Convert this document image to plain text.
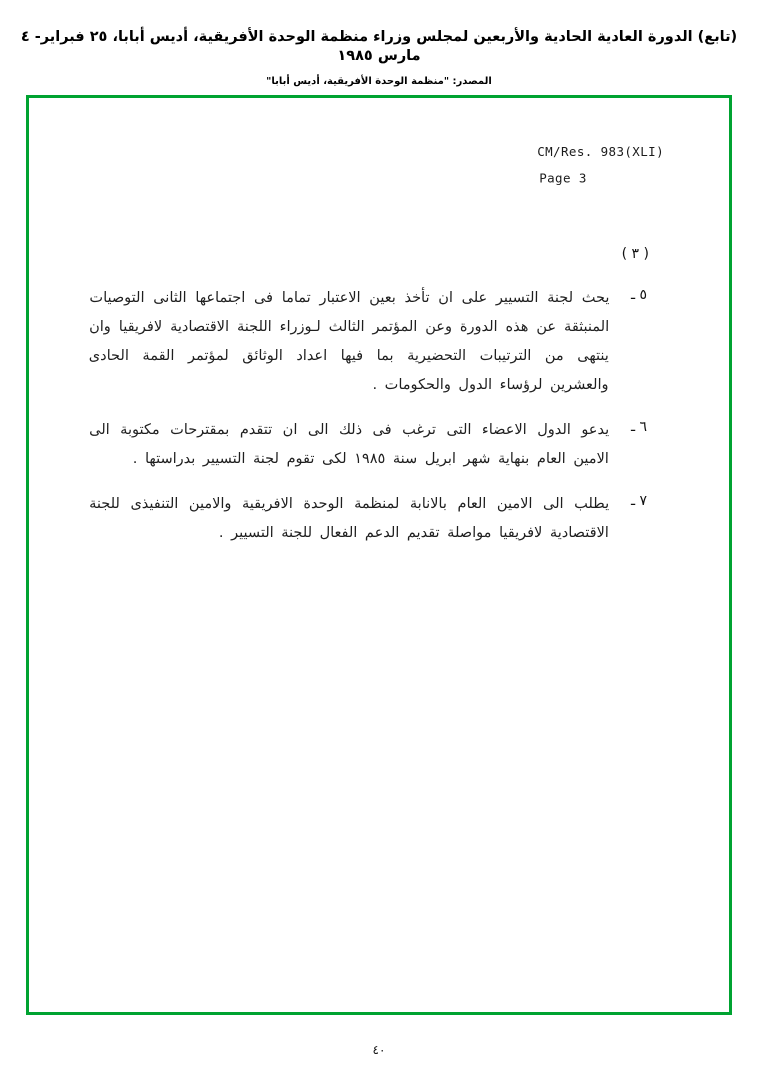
(تابع) الدورة العادية الحادية والأربعين لمجلس وزراء منظمة الوحدة الأفريقية، أديس أبابا، ٢٥ فبراير- ٤ مارس ١٩٨٥
المصدر: "منظمة الوحدة الأفريقية، أديس أبابا"
CM/Res. 983(XLI)
Page 3
( ٣ )
٥ ـ
يحث لجنة التسيير على ان تأخذ بعين الاعتبار تماما فى اجتماعها الثانى التوصيات المنبثقة عن هذه الدورة وعن المؤتمر الثالث لـوزراء اللجنة الاقتصادية لافريقيا وان ينتهى من الترتيبات التحضيرية بما فيها اعداد الوثائق لمؤتمر القمة الحادى والعشرين لرؤساء الدول والحكومات .
٦ ـ
يدعو الدول الاعضاء التى ترغب فى ذلك الى ان تتقدم بمقترحات مكتوبة الى الامين العام بنهاية شهر ابريل سنة ١٩٨٥ لكى تقوم لجنة التسيير بدراستها .
٧ ـ
يطلب الى الامين العام بالانابة لمنظمة الوحدة الافريقية والامين التنفيذى للجنة الاقتصادية لافريقيا مواصلة تقديم الدعم الفعال للجنة التسيير .
٤٠
